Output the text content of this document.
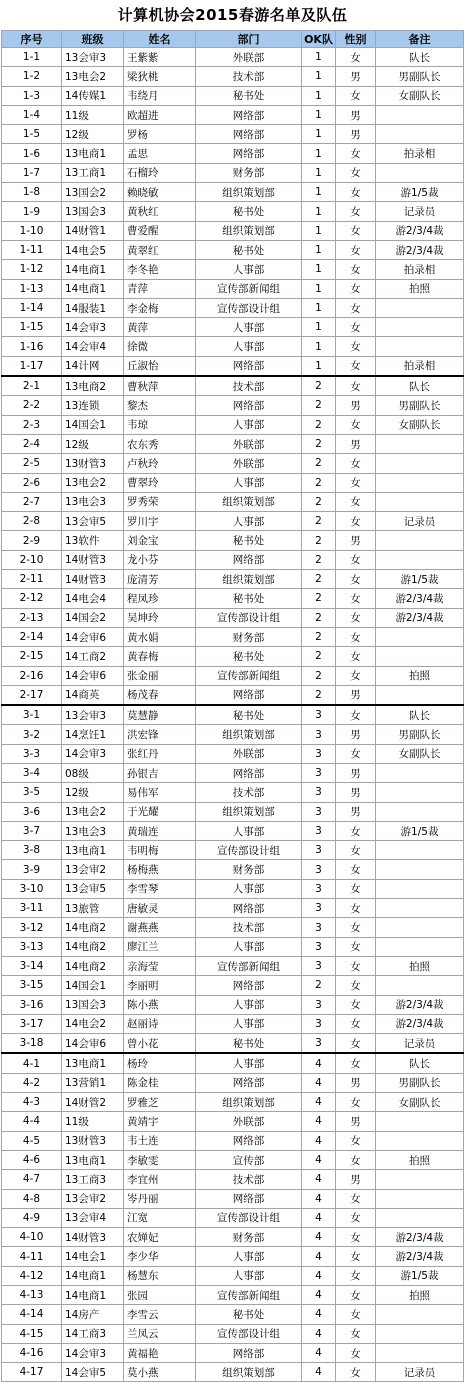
计算机协会2015春游名单及队伍
序号	班级	姓名	部门	OK队	性别	备注
1-1	13会审3	王紫紫	外联部	1	女	队长
1-2	13电会2	梁狄桃	技术部	1	男	男副队长
1-3	14传媒1	韦绕月	秘书处	1	女	女副队长
1-4	11级	欧超进	网络部	1	男	
1-5	12级	罗杨	网络部	1	男	
1-6	13电商1	孟思	网络部	1	女	拍录相
1-7	13工商1	石榴玲	财务部	1	女	
1-8	13国会2	赖晓敏	组织策划部	1	女	游1/5裁
1-9	13国会3	黄秋红	秘书处	1	女	记录员
1-10	14财管1	曹爱醒	组织策划部	1	女	游2/3/4裁
1-11	14电会5	黄翠红	秘书处	1	女	游2/3/4裁
1-12	14电商1	李冬艳	人事部	1	女	拍录相
1-13	14电商1	青萍	宣传部新闻组	1	女	拍照
1-14	14服装1	李金梅	宣传部设计组	1	女	
1-15	14会审3	黄萍	人事部	1	女	
1-16	14会审4	徐微	人事部	1	女	
1-17	14计网	丘淑怡	网络部	1	女	拍录相
2-1	13电商2	曹秋萍	技术部	2	女	队长
2-2	13连锁	黎杰	网络部	2	男	男副队长
2-3	14国会1	韦琼	人事部	2	女	女副队长
2-4	12级	农东秀	外联部	2	男	
2-5	13财管3	卢秋玲	外联部	2	女	
2-6	13电会2	曹翠玲	人事部	2	女	
2-7	13电会3	罗秀荣	组织策划部	2	女	
2-8	13会审5	罗川宇	人事部	2	女	记录员
2-9	13软件	刘金宝	秘书处	2	男	
2-10	14财管3	龙小芬	网络部	2	女	
2-11	14财管3	庞清芳	组织策划部	2	女	游1/5裁
2-12	14电会4	程凤珍	秘书处	2	女	游2/3/4裁
2-13	14国会2	吴坤玲	宣传部设计组	2	女	游2/3/4裁
2-14	14会审6	黄水娟	财务部	2	女	
2-15	14工商2	黄春梅	秘书处	2	女	
2-16	14会审6	张金丽	宣传部新闻组	2	女	拍照
2-17	14商英	杨茂春	网络部	2	男	
3-1	13会审3	莫慧静	秘书处	3	女	队长
3-2	14烹饪1	洪宏锋	组织策划部	3	男	男副队长
3-3	14会审3	张红丹	外联部	3	女	女副队长
3-4	08级	孙银吉	网络部	3	男	
3-5	12级	易伟军	技术部	3	男	
3-6	13电会2	于光耀	组织策划部	3	男	
3-7	13电会3	黄瑞连	人事部	3	女	游1/5裁
3-8	13电商1	韦明梅	宣传部设计组	3	女	
3-9	13会审2	杨梅燕	财务部	3	女	
3-10	13会审5	李雪琴	人事部	3	女	
3-11	13旅管	唐敏灵	网络部	3	女	
3-12	14电商2	谢燕燕	技术部	3	女	
3-13	14电商2	廖江兰	人事部	3	女	
3-14	14电商2	亲海莹	宣传部新闻组	3	女	拍照
3-15	14国会1	李丽明	网络部	2	女	
3-16	13国会3	陈小燕	人事部	3	女	游2/3/4裁
3-17	14电会2	赵丽诗	人事部	3	女	游2/3/4裁
3-18	14会审6	曾小花	秘书处	3	女	记录员
4-1	13电商1	杨玲	人事部	4	女	队长
4-2	13营销1	陈金桂	网络部	4	男	男副队长
4-3	14财管2	罗雅芝	组织策划部	4	女	女副队长
4-4	11级	黄靖宇	外联部	4	男	
4-5	13财管3	韦土连	网络部	4	女	
4-6	13电商1	李敏雯	宣传部	4	女	拍照
4-7	13工商3	李宜州	技术部	4	男	
4-8	13会审2	岑丹丽	网络部	4	女	
4-9	13会审4	江宽	宣传部设计组	4	女	
4-10	14财管3	农婵妃	财务部	4	女	游2/3/4裁
4-11	14电会1	李少华	人事部	4	女	游2/3/4裁
4-12	14电商1	杨慧东	人事部	4	女	游1/5裁
4-13	14电商1	张园	宣传部新闻组	4	女	拍照
4-14	14房产	李雪云	秘书处	4	女	
4-15	14工商3	兰凤云	宣传部设计组	4	女	
4-16	14会审3	黄福艳	网络部	4	女	
4-17	14会审5	莫小燕	组织策划部	4	女	记录员
